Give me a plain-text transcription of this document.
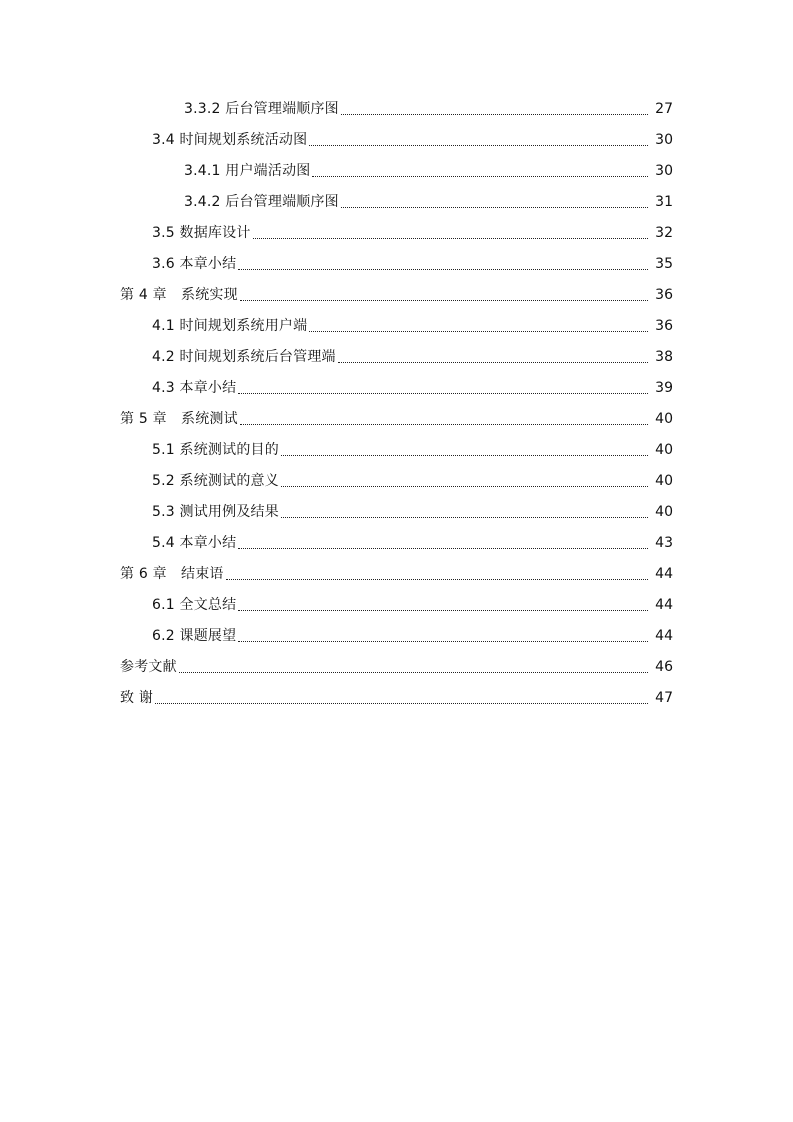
3.3.2 后台管理端顺序图	27
3.4 时间规划系统活动图	30
3.4.1 用户端活动图	30
3.4.2 后台管理端顺序图	31
3.5 数据库设计	32
3.6 本章小结	35
第 4 章　系统实现	36
4.1 时间规划系统用户端	36
4.2 时间规划系统后台管理端	38
4.3 本章小结	39
第 5 章　系统测试	40
5.1 系统测试的目的	40
5.2 系统测试的意义	40
5.3 测试用例及结果	40
5.4 本章小结	43
第 6 章　结束语	44
6.1 全文总结	44
6.2 课题展望	44
参考文献	46
致 谢	47
